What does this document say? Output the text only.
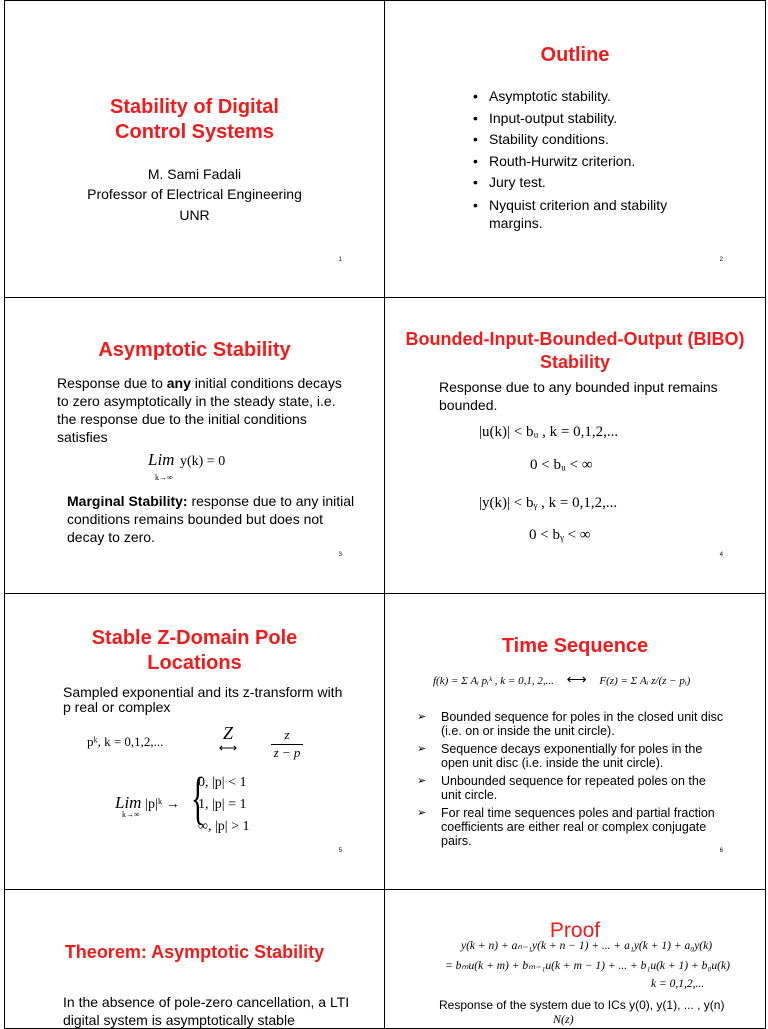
Stability of Digital Control Systems
M. Sami Fadali
Professor of Electrical Engineering
UNR
1
Outline
• Asymptotic stability.
• Input-output stability.
• Stability conditions.
• Routh-Hurwitz criterion.
• Jury test.
• Nyquist criterion and stability margins.
2
Asymptotic Stability
Response due to any initial conditions decays to zero asymptotically in the steady state, i.e. the response due to the initial conditions satisfies
Lim y(k) = 0
k→∞
Marginal Stability: response due to any initial conditions remains bounded but does not decay to zero.
3
Bounded-Input-Bounded-Output (BIBO) Stability
Response due to any bounded input remains bounded.
|u(k)| < bᵤ , k = 0,1,2,...
0 < bᵤ < ∞
|y(k)| < bᵧ , k = 0,1,2,...
0 < bᵧ < ∞
4
Stable Z-Domain Pole Locations
Sampled exponential and its z-transform with p real or complex
pᵏ, k = 0,1,2,...	Z
⟷
z
z − p
Lim |p|ᵏ →
k→∞ {
0, |p| < 1
1, |p| = 1
∞, |p| > 1
5
Time Sequence
f(k) = Σ Aᵢ pᵢᵏ , k = 0,1, 2,... ⟷ F(z) = Σ Aᵢ z/(z − pᵢ)
➢ Bounded sequence for poles in the closed unit disc (i.e. on or inside the unit circle).
➢ Sequence decays exponentially for poles in the open unit disc (i.e. inside the unit circle).
➢ Unbounded sequence for repeated poles on the unit circle.
➢ For real time sequences poles and partial fraction coefficients are either real or complex conjugate pairs.
6
Theorem: Asymptotic Stability
In the absence of pole-zero cancellation, a LTI digital system is asymptotically stable
Proof
y(k + n) + aₙ₋₁y(k + n − 1) + ... + a₁y(k + 1) + a₀y(k)
= bₘu(k + m) + bₘ₋₁u(k + m − 1) + ... + b₁u(k + 1) + b₀u(k)
k = 0,1,2,...
Response of the system due to ICs y(0), y(1), ... , y(n)
N(z)
